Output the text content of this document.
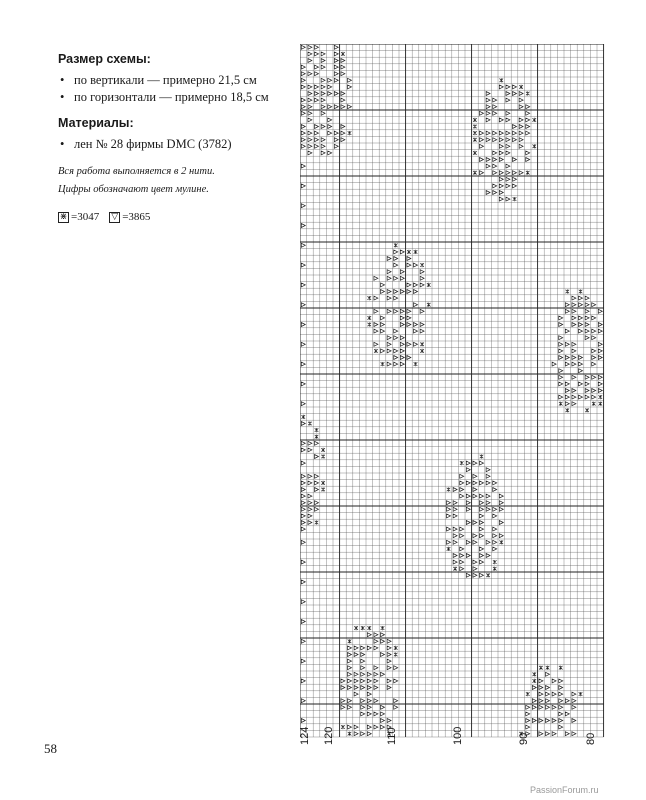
Размер схемы:
• по вертикали — примерно 21,5 см
• по горизонтали — примерно 18,5 см
Материалы:
• лен № 28 фирмы DMC (3782)

Вся работа выполняется в 2 нити.

Цифры обозначают цвет мулине.

⋇ =3047 ▽ =3865
124 120	110	100	90	80
58
PassionForum.ru
